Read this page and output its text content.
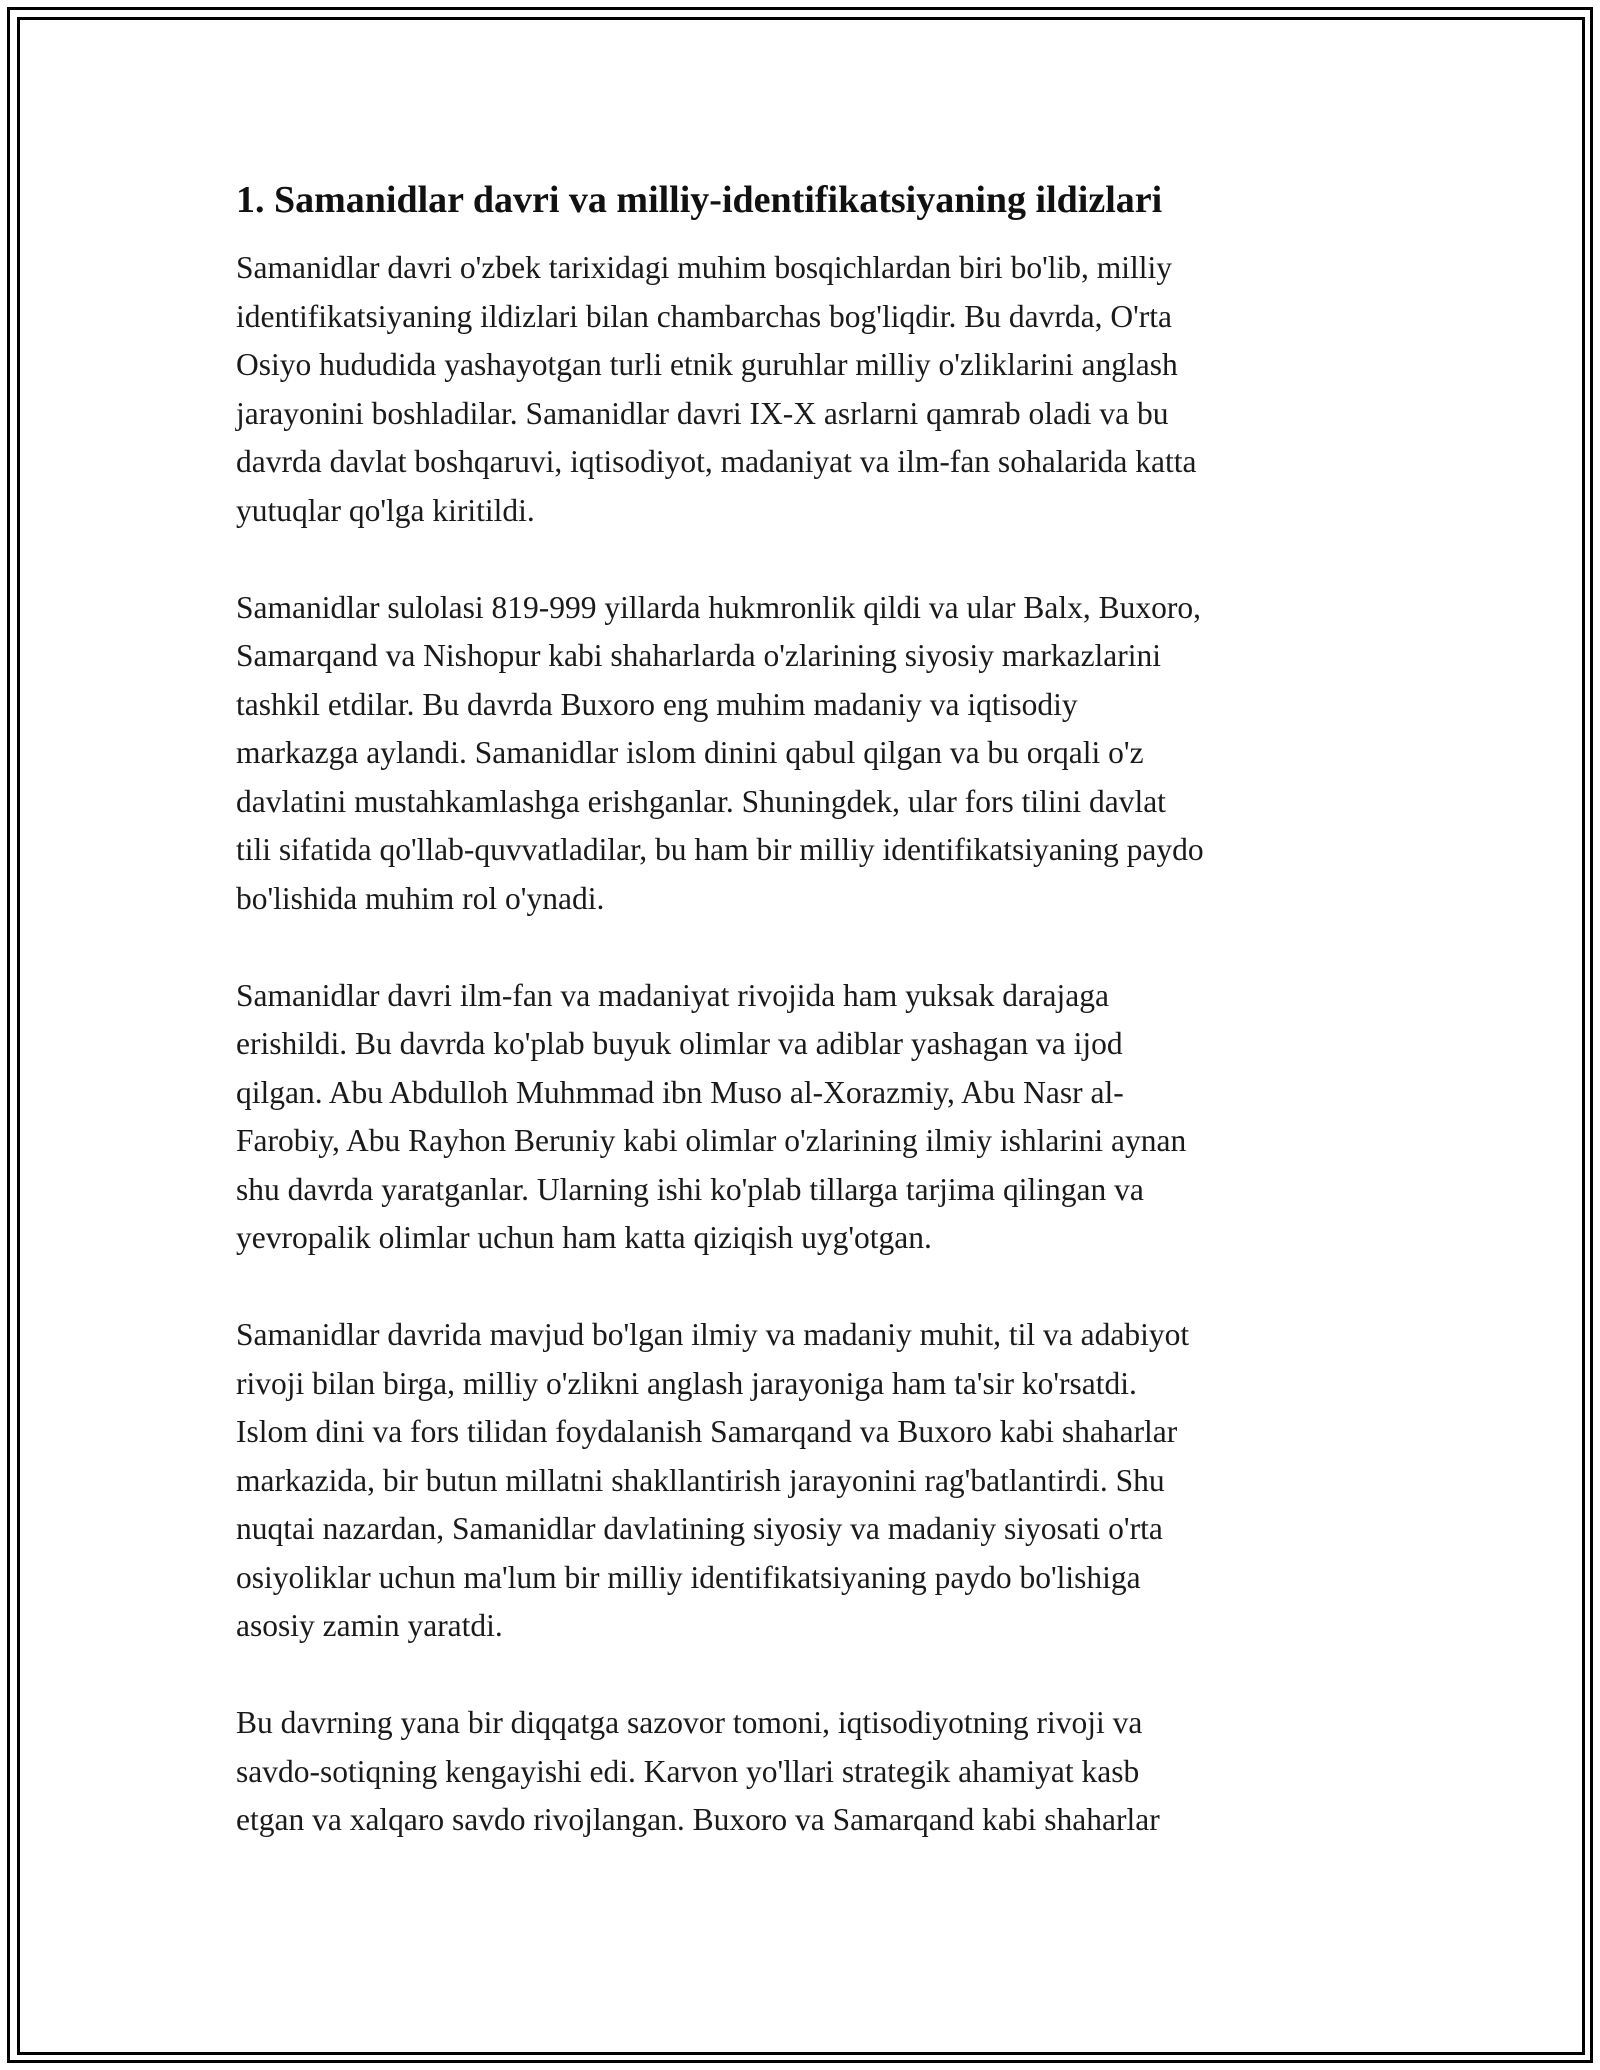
1. Samanidlar davri va milliy-identifikatsiyaning ildizlari
Samanidlar davri o'zbek tarixidagi muhim bosqichlardan biri bo'lib, milliy
identifikatsiyaning ildizlari bilan chambarchas bog'liqdir. Bu davrda, O'rta
Osiyo hududida yashayotgan turli etnik guruhlar milliy o'zliklarini anglash
jarayonini boshladilar. Samanidlar davri IX-X asrlarni qamrab oladi va bu
davrda davlat boshqaruvi, iqtisodiyot, madaniyat va ilm-fan sohalarida katta
yutuqlar qo'lga kiritildi.
Samanidlar sulolasi 819-999 yillarda hukmronlik qildi va ular Balx, Buxoro,
Samarqand va Nishopur kabi shaharlarda o'zlarining siyosiy markazlarini
tashkil etdilar. Bu davrda Buxoro eng muhim madaniy va iqtisodiy
markazga aylandi. Samanidlar islom dinini qabul qilgan va bu orqali o'z
davlatini mustahkamlashga erishganlar. Shuningdek, ular fors tilini davlat
tili sifatida qo'llab-quvvatladilar, bu ham bir milliy identifikatsiyaning paydo
bo'lishida muhim rol o'ynadi.
Samanidlar davri ilm-fan va madaniyat rivojida ham yuksak darajaga
erishildi. Bu davrda ko'plab buyuk olimlar va adiblar yashagan va ijod
qilgan. Abu Abdulloh Muhmmad ibn Muso al-Xorazmiy, Abu Nasr al-
Farobiy, Abu Rayhon Beruniy kabi olimlar o'zlarining ilmiy ishlarini aynan
shu davrda yaratganlar. Ularning ishi ko'plab tillarga tarjima qilingan va
yevropalik olimlar uchun ham katta qiziqish uyg'otgan.
Samanidlar davrida mavjud bo'lgan ilmiy va madaniy muhit, til va adabiyot
rivoji bilan birga, milliy o'zlikni anglash jarayoniga ham ta'sir ko'rsatdi.
Islom dini va fors tilidan foydalanish Samarqand va Buxoro kabi shaharlar
markazida, bir butun millatni shakllantirish jarayonini rag'batlantirdi. Shu
nuqtai nazardan, Samanidlar davlatining siyosiy va madaniy siyosati o'rta
osiyoliklar uchun ma'lum bir milliy identifikatsiyaning paydo bo'lishiga
asosiy zamin yaratdi.
Bu davrning yana bir diqqatga sazovor tomoni, iqtisodiyotning rivoji va
savdo-sotiqning kengayishi edi. Karvon yo'llari strategik ahamiyat kasb
etgan va xalqaro savdo rivojlangan. Buxoro va Samarqand kabi shaharlar
